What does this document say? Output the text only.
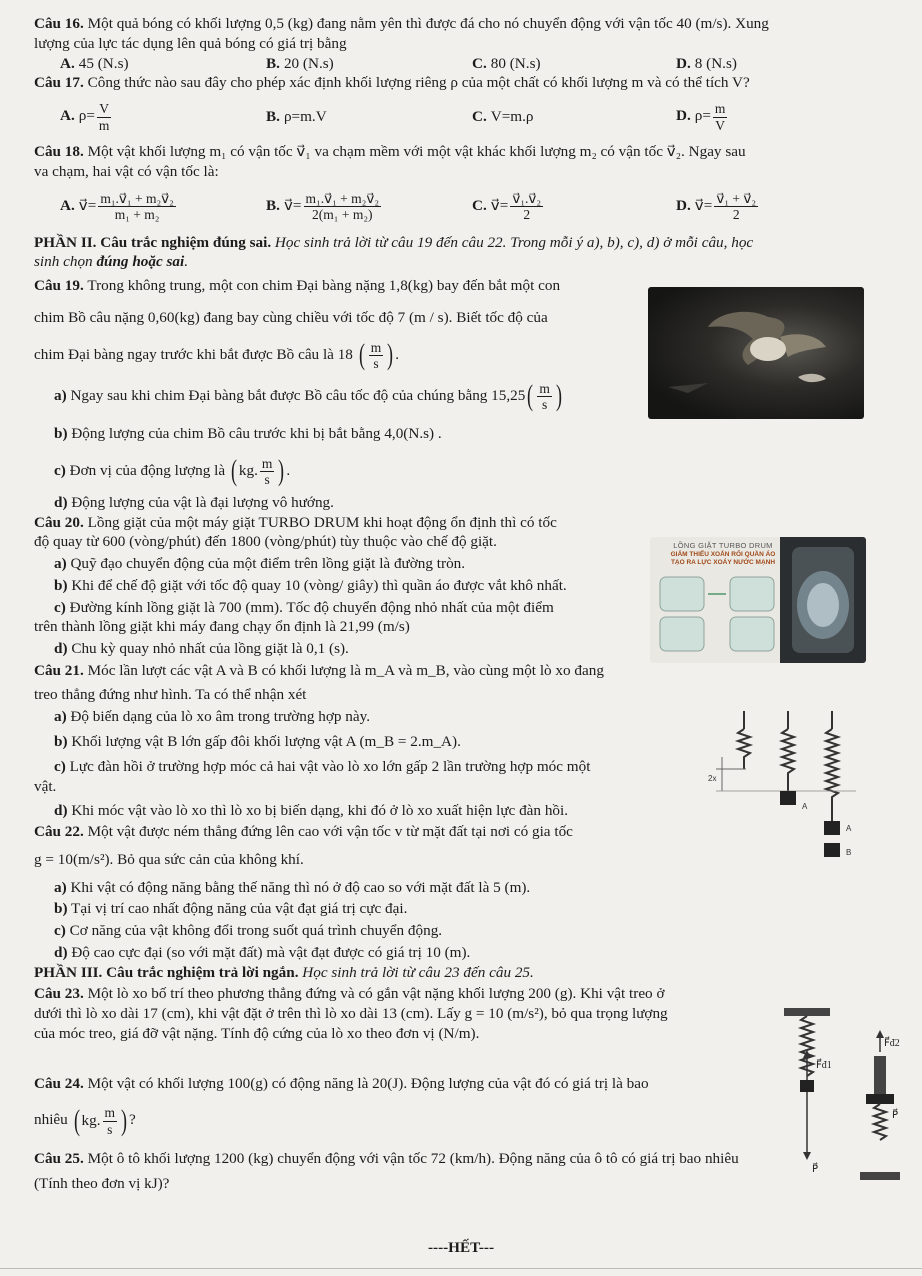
Câu 16. Một quả bóng có khối lượng 0,5 (kg) đang nằm yên thì được đá cho nó chuyển động với vận tốc 40 (m/s). Xung
lượng của lực tác dụng lên quả bóng có giá trị bằng
A. 45 (N.s)	B. 20 (N.s)	C. 80 (N.s)	D. 8 (N.s)
Câu 17. Công thức nào sau đây cho phép xác định khối lượng riêng ρ của một chất có khối lượng m và có thể tích V?
A. $\rho= \frac{V}{m}$	B. ρ=m.V	C. V=m.ρ	D. $\rho= \frac{m}{V}$
Câu 18. Một vật khối lượng m₁ có vận tốc v⃗₁ va chạm mềm với một vật khác khối lượng m₂ có vận tốc v⃗₂. Ngay sau
va chạm, hai vật có vận tốc là:
A. v⃗= $\frac{\text{m₁.v⃗₁ + m₂v⃗₂}}{\text{m₁ + m₂}}$	B. v⃗= $\frac{\text{m₁.v⃗₁ + m₂v⃗₂}}{\text{2(m₁ + m₂)}}$	C. v⃗= $\frac{\text{v⃗₁.v⃗₂}}{2}$	D. v⃗= $\frac{\text{v⃗₁ + v⃗₂}}{2}$
PHẦN II. Câu trắc nghiệm đúng sai. Học sinh trả lời từ câu 19 đến câu 22. Trong mỗi ý a), b), c), d) ở mỗi câu, học
sinh chọn đúng hoặc sai.
Câu 19. Trong không trung, một con chim Đại bàng nặng 1,8(kg) bay đến bắt một con
chim Bồ câu nặng 0,60(kg) đang bay cùng chiều với tốc độ 7 (m / s). Biết tốc độ của
chim Đại bàng ngay trước khi bắt được Bồ câu là 18 ( $\frac{m}{s}$ ) .
a) Ngay sau khi chim Đại bàng bắt được Bồ câu tốc độ của chúng bằng 15,25 ( $\frac{m}{s}$ )
b) Động lượng của chim Bồ câu trước khi bị bắt bằng 4,0(N.s) .
c) Đơn vị của động lượng là ( kg. $\frac{m}{s}$ ) .
d) Động lượng của vật là đại lượng vô hướng.
Câu 20. Lồng giặt của một máy giặt TURBO DRUM khi hoạt động ổn định thì có tốc
độ quay từ 600 (vòng/phút) đến 1800 (vòng/phút) tùy thuộc vào chế độ giặt.
a) Quỹ đạo chuyển động của một điểm trên lồng giặt là đường tròn.
b) Khi để chế độ giặt với tốc độ quay 10 (vòng/ giây) thì quần áo được vắt khô nhất.
c) Đường kính lồng giặt là 700 (mm). Tốc độ chuyển động nhỏ nhất của một điểm
trên thành lồng giặt khi máy đang chạy ổn định là 21,99 (m/s)
d) Chu kỳ quay nhỏ nhất của lồng giặt là 0,1 (s).
Câu 21. Móc lần lượt các vật A và B có khối lượng là m_A và m_B, vào cùng một lò xo đang
treo thẳng đứng như hình. Ta có thể nhận xét
a) Độ biến dạng của lò xo âm trong trường hợp này.
b) Khối lượng vật B lớn gấp đôi khối lượng vật A (m_B = 2.m_A).
c) Lực đàn hồi ở trường hợp móc cả hai vật vào lò xo lớn gấp 2 lần trường hợp móc một
vật.
d) Khi móc vật vào lò xo thì lò xo bị biến dạng, khi đó ở lò xo xuất hiện lực đàn hồi.
Câu 22. Một vật được ném thẳng đứng lên cao với vận tốc v từ mặt đất tại nơi có gia tốc
g = 10(m/s²). Bỏ qua sức cản của không khí.
a) Khi vật có động năng bằng thế năng thì nó ở độ cao so với mặt đất là 5 (m).
b) Tại vị trí cao nhất động năng của vật đạt giá trị cực đại.
c) Cơ năng của vật không đổi trong suốt quá trình chuyển động.
d) Độ cao cực đại (so với mặt đất) mà vật đạt được có giá trị 10 (m).
PHẦN III. Câu trắc nghiệm trả lời ngắn. Học sinh trả lời từ câu 23 đến câu 25.
Câu 23. Một lò xo bố trí theo phương thẳng đứng và có gắn vật nặng khối lượng 200 (g). Khi vật treo ở
dưới thì lò xo dài 17 (cm), khi vật đặt ở trên thì lò xo dài 13 (cm). Lấy g = 10 (m/s²), bỏ qua trọng lượng
của móc treo, giá đỡ vật nặng. Tính độ cứng của lò xo theo đơn vị (N/m).
Câu 24. Một vật có khối lượng 100(g) có động năng là 20(J). Động lượng của vật đó có giá trị là bao
nhiêu ( kg. $\frac{m}{s}$ ) ?
Câu 25. Một ô tô khối lượng 1200 (kg) chuyển động với vận tốc 72 (km/h). Động năng của ô tô có giá trị bao nhiêu
(Tính theo đơn vị kJ)?
LỒNG GIẶT TURBO DRUM
GIẢM THIỂU XOẮN RỐI QUẦN ÁO
TẠO RA LỰC XOÁY NƯỚC MẠNH
2x
A
A
B
F⃗đ2
F⃗đ1
P⃗
P⃗
----HẾT---
